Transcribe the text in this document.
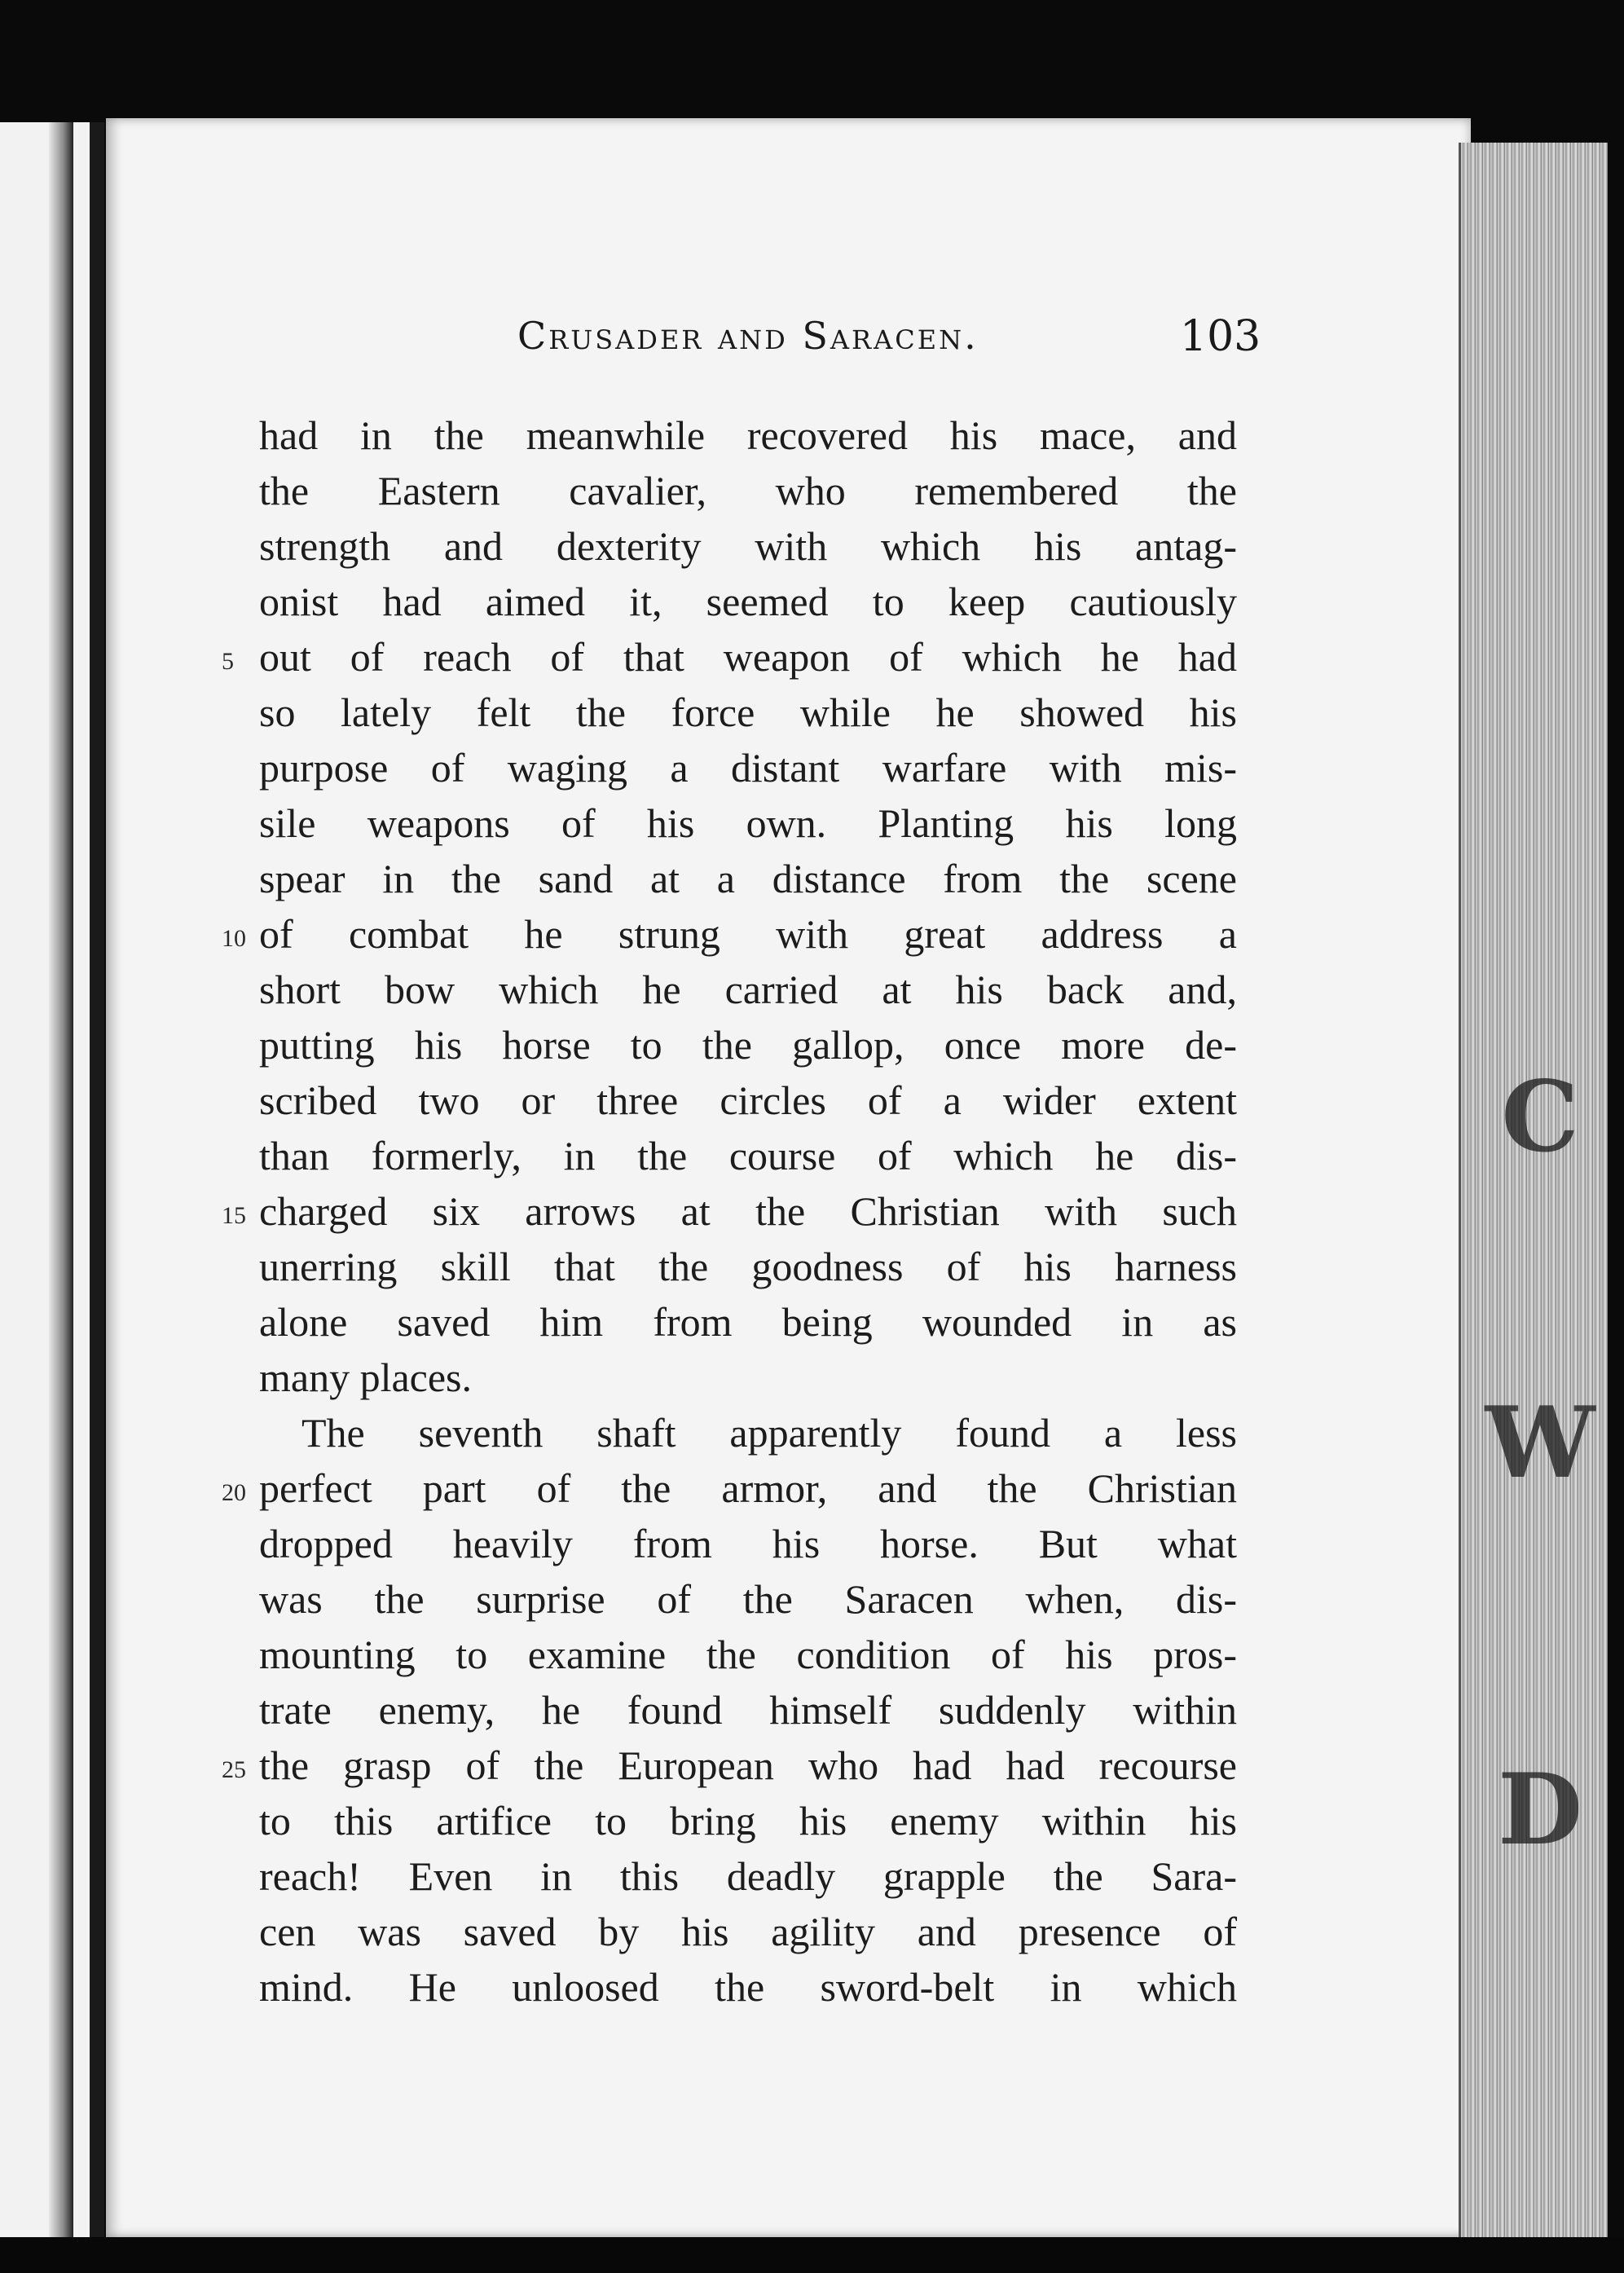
D
W
C
Crusader and Saracen.	103
had in the meanwhile recovered his mace, and
the Eastern cavalier, who remembered the
strength and dexterity with which his antag-
onist had aimed it, seemed to keep cautiously
5 out of reach of that weapon of which he had
so lately felt the force while he showed his
purpose of waging a distant warfare with mis-
sile weapons of his own. Planting his long
spear in the sand at a distance from the scene
10 of combat he strung with great address a
short bow which he carried at his back and,
putting his horse to the gallop, once more de-
scribed two or three circles of a wider extent
than formerly, in the course of which he dis-
15 charged six arrows at the Christian with such
unerring skill that the goodness of his harness
alone saved him from being wounded in as
many places.
The seventh shaft apparently found a less
20 perfect part of the armor, and the Christian
dropped heavily from his horse. But what
was the surprise of the Saracen when, dis-
mounting to examine the condition of his pros-
trate enemy, he found himself suddenly within
25 the grasp of the European who had had recourse
to this artifice to bring his enemy within his
reach! Even in this deadly grapple the Sara-
cen was saved by his agility and presence of
mind. He unloosed the sword-belt in which
